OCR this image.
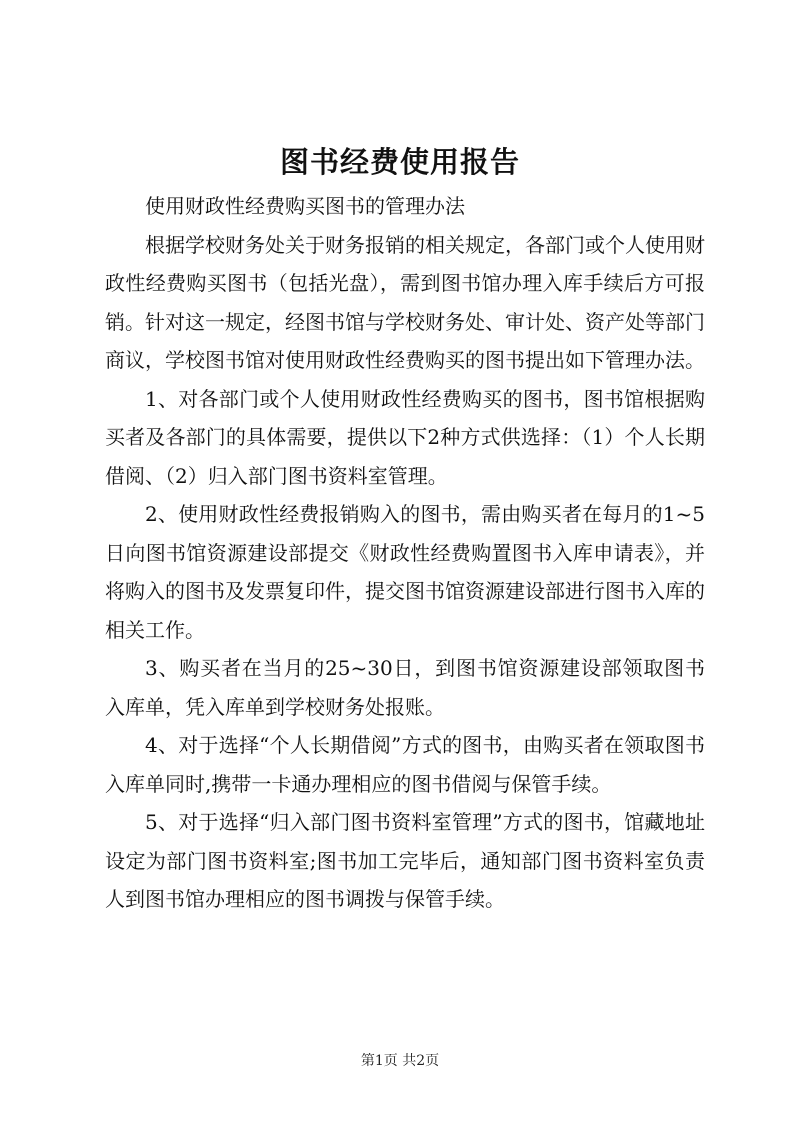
图书经费使用报告

使用财政性经费购买图书的管理办法

根据学校财务处关于财务报销的相关规定，各部门或个人使用财政性经费购买图书（包括光盘），需到图书馆办理入库手续后方可报销。针对这一规定，经图书馆与学校财务处、审计处、资产处等部门商议，学校图书馆对使用财政性经费购买的图书提出如下管理办法。

1、对各部门或个人使用财政性经费购买的图书，图书馆根据购买者及各部门的具体需要，提供以下2种方式供选择：（1）个人长期借阅、（2）归入部门图书资料室管理。

2、使用财政性经费报销购入的图书，需由购买者在每月的1~5日向图书馆资源建设部提交《财政性经费购置图书入库申请表》，并将购入的图书及发票复印件，提交图书馆资源建设部进行图书入库的相关工作。

3、购买者在当月的25~30日，到图书馆资源建设部领取图书入库单，凭入库单到学校财务处报账。

4、对于选择“个人长期借阅”方式的图书，由购买者在领取图书入库单同时,携带一卡通办理相应的图书借阅与保管手续。

5、对于选择“归入部门图书资料室管理”方式的图书，馆藏地址设定为部门图书资料室;图书加工完毕后，通知部门图书资料室负责人到图书馆办理相应的图书调拨与保管手续。

第1页 共2页
